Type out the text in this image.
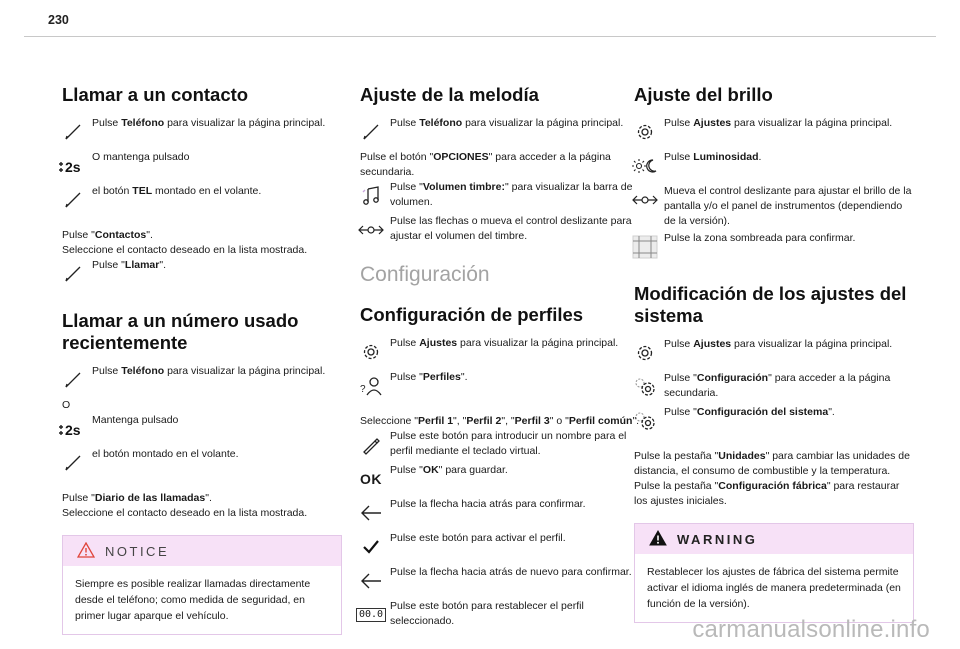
230
Llamar a un contacto
Pulse Teléfono para visualizar la página principal.
2s
O mantenga pulsado
el botón TEL montado en el volante.

Pulse "Contactos".

Seleccione el contacto deseado en la lista mostrada.

Pulse "Llamar".
Llamar a un número usado recientemente
Pulse Teléfono para visualizar la página principal.

O

2s
Mantenga pulsado
el botón montado en el volante.

Pulse "Diario de las llamadas".

Seleccione el contacto deseado en la lista mostrada.

NOTICE
Siempre es posible realizar llamadas directamente desde el teléfono; como medida de seguridad, en primer lugar aparque el vehículo.
Ajuste de la melodía
Pulse Teléfono para visualizar la página principal.

Pulse el botón "OPCIONES" para acceder a la página secundaria.

Pulse "Volumen timbre:" para visualizar la barra de volumen.
Pulse las flechas o mueva el control deslizante para ajustar el volumen del timbre.
Configuración
Configuración de perfiles
Pulse Ajustes para visualizar la página principal.
?
Pulse "Perfiles".

Seleccione "Perfil 1", "Perfil 2", "Perfil 3" o "Perfil común".

Pulse este botón para introducir un nombre para el perfil mediante el teclado virtual.
OK
Pulse "OK" para guardar.
Pulse la flecha hacia atrás para confirmar.
Pulse este botón para activar el perfil.
Pulse la flecha hacia atrás de nuevo para confirmar.
00.0
Pulse este botón para restablecer el perfil seleccionado.
Ajuste del brillo
Pulse Ajustes para visualizar la página principal.
Pulse Luminosidad.
Mueva el control deslizante para ajustar el brillo de la pantalla y/o el panel de instrumentos (dependiendo de la versión).
Pulse la zona sombreada para confirmar.
Modificación de los ajustes del sistema
Pulse Ajustes para visualizar la página principal.
Pulse "Configuración" para acceder a la página secundaria.
Pulse "Configuración del sistema".

Pulse la pestaña "Unidades" para cambiar las unidades de distancia, el consumo de combustible y la temperatura.

Pulse la pestaña "Configuración fábrica" para restaurar los ajustes iniciales.

WARNING
Restablecer los ajustes de fábrica del sistema permite activar el idioma inglés de manera predeterminada (en función de la versión).
carmanualsonline.info
